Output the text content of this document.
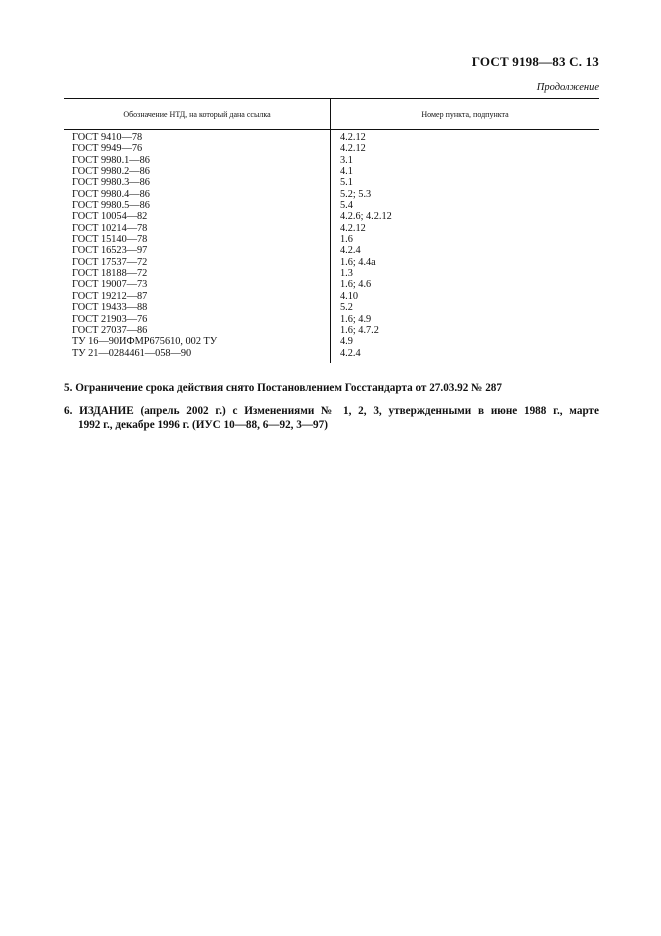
ГОСТ 9198—83 С. 13
Продолжение
Обозначение НТД, на который дана ссылка	Номер пункта, подпункта
ГОСТ 9410—78
ГОСТ 9949—76
ГОСТ 9980.1—86
ГОСТ 9980.2—86
ГОСТ 9980.3—86
ГОСТ 9980.4—86
ГОСТ 9980.5—86
ГОСТ 10054—82
ГОСТ 10214—78
ГОСТ 15140—78
ГОСТ 16523—97
ГОСТ 17537—72
ГОСТ 18188—72
ГОСТ 19007—73
ГОСТ 19212—87
ГОСТ 19433—88
ГОСТ 21903—76
ГОСТ 27037—86
ТУ 16—90ИФМР675610, 002 ТУ
ТУ 21—0284461—058—90
4.2.12
4.2.12
3.1
4.1
5.1
5.2; 5.3
5.4
4.2.6; 4.2.12
4.2.12
1.6
4.2.4
1.6; 4.4а
1.3
1.6; 4.6
4.10
5.2
1.6; 4.9
1.6; 4.7.2
4.9
4.2.4
5. Ограничение срока действия снято Постановлением Госстандарта от 27.03.92 № 287
6. ИЗДАНИЕ (апрель 2002 г.) с Изменениями № 1, 2, 3, утвержденными в июне 1988 г., марте
1992 г., декабре 1996 г. (ИУС 10—88, 6—92, 3—97)
